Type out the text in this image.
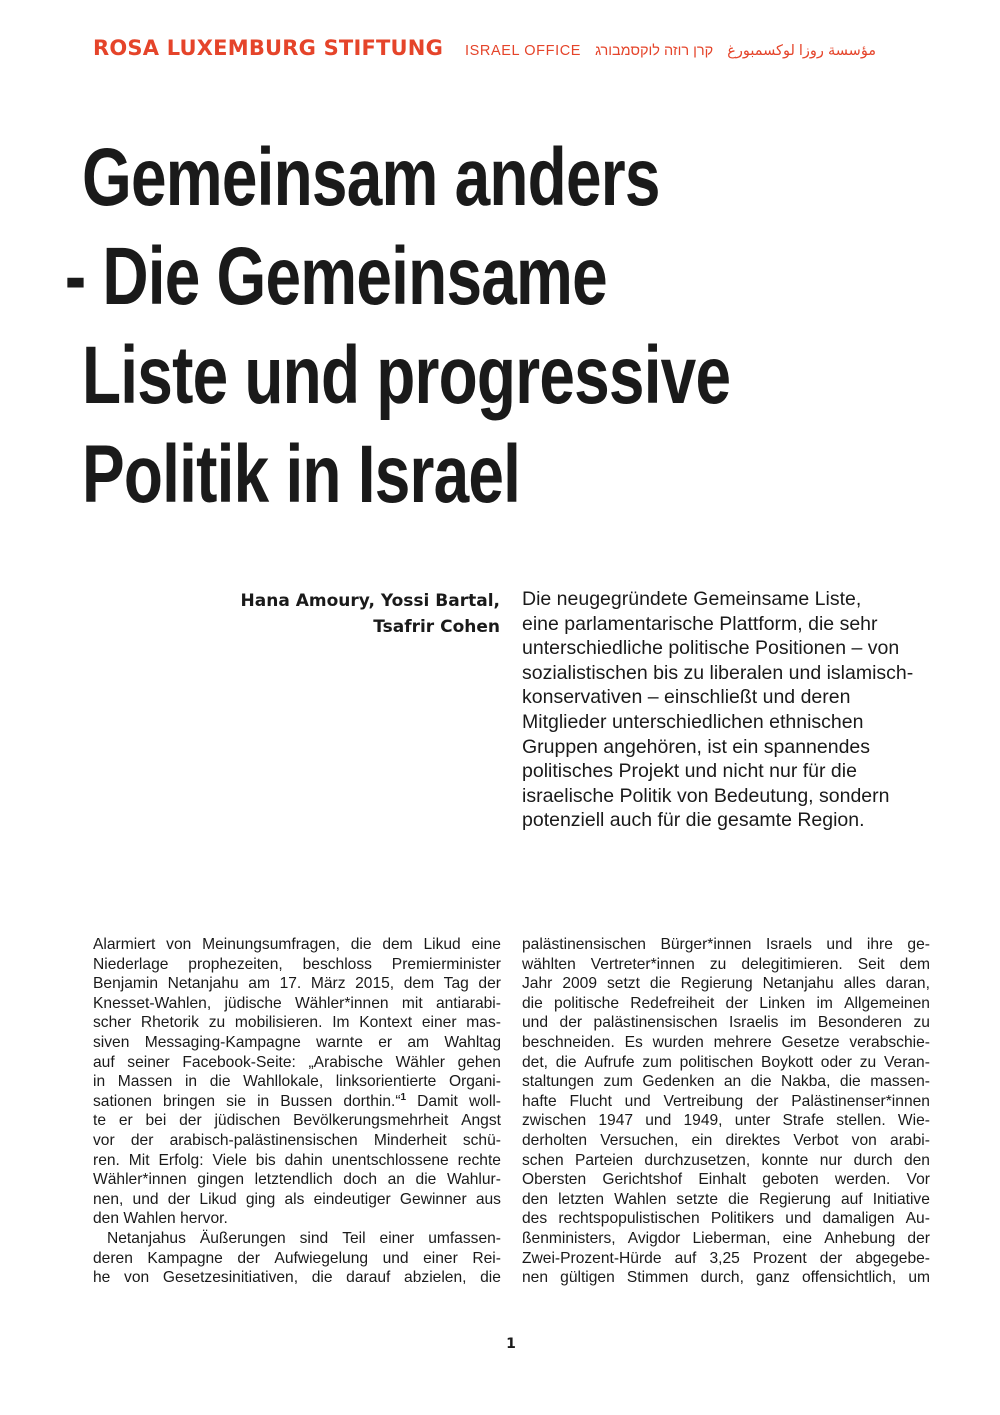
ROSA LUXEMBURG STIFTUNG ISRAEL OFFICE קרן רוזה לוקסמבורג مؤسسة روزا لوكسمبورغ
Gemeinsam anders
- Die Gemeinsame
Liste und progressive
Politik in Israel
Hana Amoury, Yossi Bartal,
Tsafrir Cohen
Die neugegründete Gemeinsame Liste,
eine parlamentarische Plattform, die sehr
unterschiedliche politische Positionen – von
sozialistischen bis zu liberalen und islamisch-
konservativen – einschließt und deren
Mitglieder unterschiedlichen ethnischen
Gruppen angehören, ist ein spannendes
politisches Projekt und nicht nur für die
israelische Politik von Bedeutung, sondern
potenziell auch für die gesamte Region.
Alarmiert von Meinungsumfragen, die dem Likud eine
Niederlage prophezeiten, beschloss Premierminister
Benjamin Netanjahu am 17. März 2015, dem Tag der
Knesset-Wahlen, jüdische Wähler*innen mit antiarabi-
scher Rhetorik zu mobilisieren. Im Kontext einer mas-
siven Messaging-Kampagne warnte er am Wahltag
auf seiner Facebook-Seite: „Arabische Wähler gehen
in Massen in die Wahllokale, linksorientierte Organi-
sationen bringen sie in Bussen dorthin.“$^1$ Damit woll-
te er bei der jüdischen Bevölkerungsmehrheit Angst
vor der arabisch-palästinensischen Minderheit schü-
ren. Mit Erfolg: Viele bis dahin unentschlossene rechte
Wähler*innen gingen letztendlich doch an die Wahlur-
nen, und der Likud ging als eindeutiger Gewinner aus
den Wahlen hervor.
Netanjahus Äußerungen sind Teil einer umfassen-
deren Kampagne der Aufwiegelung und einer Rei-
he von Gesetzesinitiativen, die darauf abzielen, die
palästinensischen Bürger*innen Israels und ihre ge-
wählten Vertreter*innen zu delegitimieren. Seit dem
Jahr 2009 setzt die Regierung Netanjahu alles daran,
die politische Redefreiheit der Linken im Allgemeinen
und der palästinensischen Israelis im Besonderen zu
beschneiden. Es wurden mehrere Gesetze verabschie-
det, die Aufrufe zum politischen Boykott oder zu Veran-
staltungen zum Gedenken an die Nakba, die massen-
hafte Flucht und Vertreibung der Palästinenser*innen
zwischen 1947 und 1949, unter Strafe stellen. Wie-
derholten Versuchen, ein direktes Verbot von arabi-
schen Parteien durchzusetzen, konnte nur durch den
Obersten Gerichtshof Einhalt geboten werden. Vor
den letzten Wahlen setzte die Regierung auf Initiative
des rechtspopulistischen Politikers und damaligen Au-
ßenministers, Avigdor Lieberman, eine Anhebung der
Zwei-Prozent-Hürde auf 3,25 Prozent der abgegebe-
nen gültigen Stimmen durch, ganz offensichtlich, um
1
